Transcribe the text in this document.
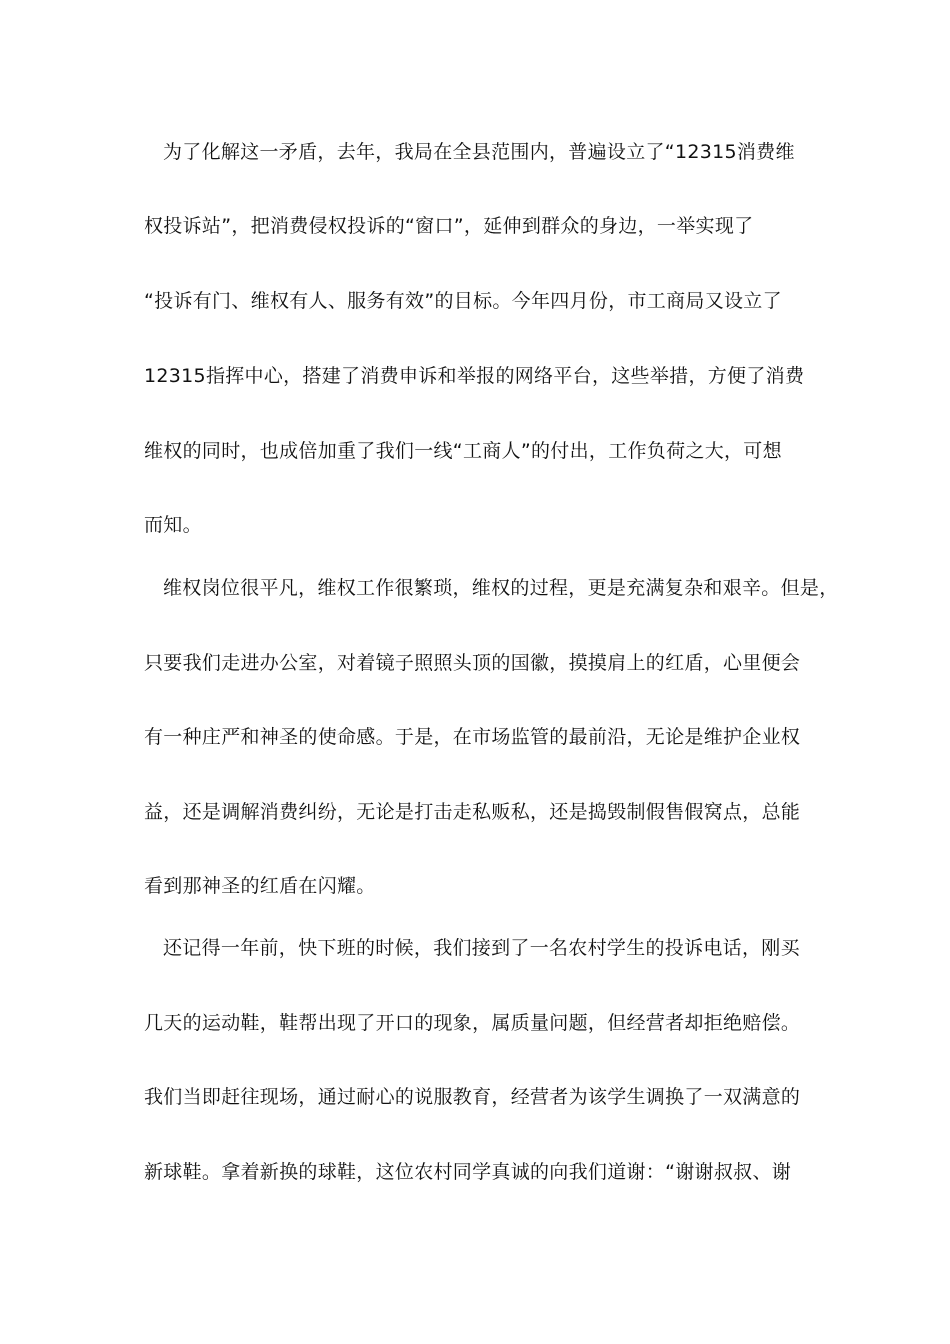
为了化解这一矛盾，去年，我局在全县范围内，普遍设立了“12315消费维
权投诉站”，把消费侵权投诉的“窗口”，延伸到群众的身边，一举实现了
“投诉有门、维权有人、服务有效”的目标。今年四月份，市工商局又设立了
12315指挥中心，搭建了消费申诉和举报的网络平台，这些举措，方便了消费
维权的同时，也成倍加重了我们一线“工商人”的付出，工作负荷之大，可想
而知。
维权岗位很平凡，维权工作很繁琐，维权的过程，更是充满复杂和艰辛。但是，
只要我们走进办公室，对着镜子照照头顶的国徽，摸摸肩上的红盾，心里便会
有一种庄严和神圣的使命感。于是，在市场监管的最前沿，无论是维护企业权
益，还是调解消费纠纷，无论是打击走私贩私，还是捣毁制假售假窝点，总能
看到那神圣的红盾在闪耀。
还记得一年前，快下班的时候，我们接到了一名农村学生的投诉电话，刚买
几天的运动鞋，鞋帮出现了开口的现象，属质量问题，但经营者却拒绝赔偿。
我们当即赶往现场，通过耐心的说服教育，经营者为该学生调换了一双满意的
新球鞋。拿着新换的球鞋，这位农村同学真诚的向我们道谢：“谢谢叔叔、谢
